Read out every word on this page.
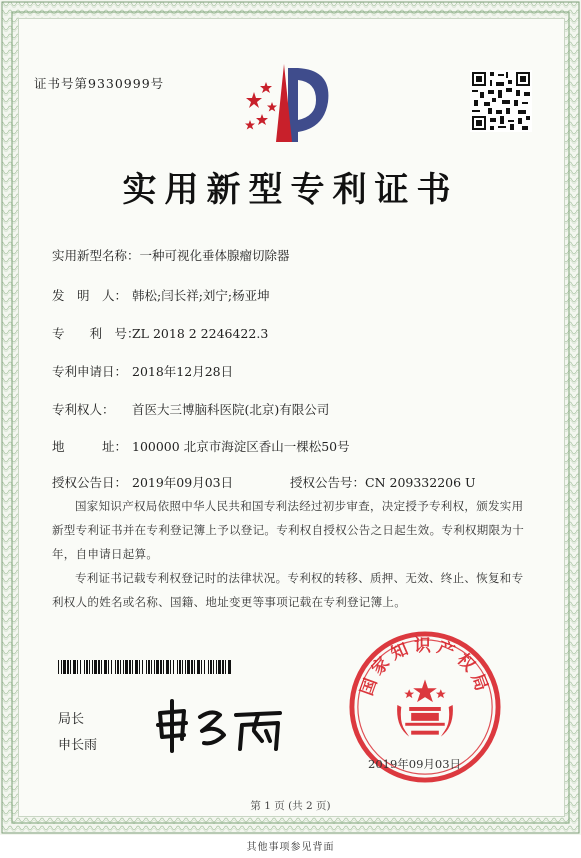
证书号第9330999号
实用新型专利证书
实用新型名称：一种可视化垂体腺瘤切除器
发　明　人： 韩松;闫长祥;刘宁;杨亚坤
专　　利　号：ZL 2018 2 2246422.3
专利申请日： 2018年12月28日
专利权人： 首医大三博脑科医院(北京)有限公司
地　　　址： 100000 北京市海淀区香山一棵松50号
授权公告日： 2019年09月03日	授权公告号：CN 209332206 U
国家知识产权局依照中华人民共和国专利法经过初步审查，决定授予专利权，颁发实用新型专利证书并在专利登记簿上予以登记。专利权自授权公告之日起生效。专利权期限为十年，自申请日起算。
专利证书记载专利权登记时的法律状况。专利权的转移、质押、无效、终止、恢复和专利权人的姓名或名称、国籍、地址变更等事项记载在专利登记簿上。
局长
申长雨
国家知识产权局
2019年09月03日
第 1 页 (共 2 页)
其他事项参见背面
